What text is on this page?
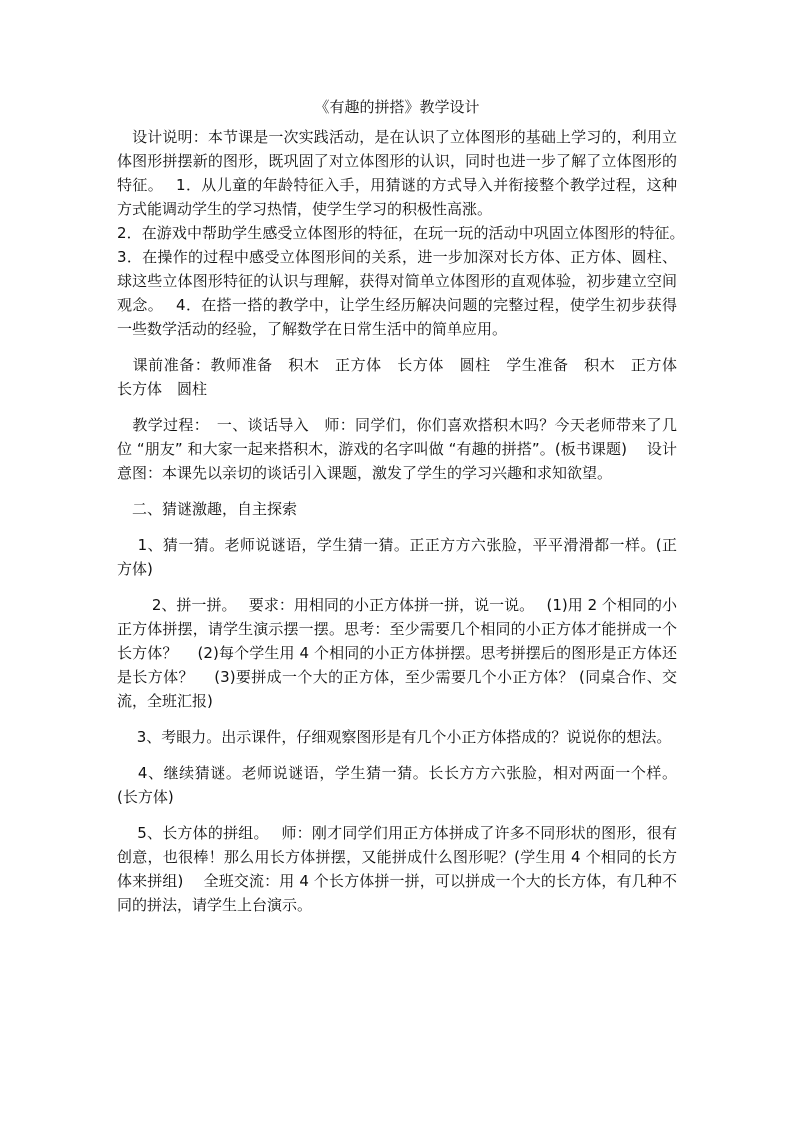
《有趣的拼搭》教学设计

　设计说明：本节课是一次实践活动，是在认识了立体图形的基础上学习的，利用立体图形拼摆新的图形，既巩固了对立体图形的认识，同时也进一步了解了立体图形的特征。　 1．从儿童的年龄特征入手，用猜谜的方式导入并衔接整个教学过程，这种方式能调动学生的学习热情，使学生学习的积极性高涨。

2．在游戏中帮助学生感受立体图形的特征，在玩一玩的活动中巩固立体图形的特征。　 3．在操作的过程中感受立体图形间的关系，进一步加深对长方体、正方体、圆柱、球这些立体图形特征的认识与理解，获得对简单立体图形的直观体验，初步建立空间观念。　 4．在搭一搭的教学中，让学生经历解决问题的完整过程，使学生初步获得一些数学活动的经验，了解数学在日常生活中的简单应用。

　课前准备：教师准备　积木　正方体　长方体　圆柱　学生准备　积木　正方体　长方体　圆柱

　教学过程：　一、谈话导入　师：同学们，你们喜欢搭积木吗？今天老师带来了几位 “朋友” 和大家一起来搭积木，游戏的名字叫做 “有趣的拼搭”。(板书课题)　 设计意图：本课先以亲切的谈话引入课题，激发了学生的学习兴趣和求知欲望。

　二、猜谜激趣，自主探索

　 1、猜一猜。老师说谜语，学生猜一猜。正正方方六张脸，平平滑滑都一样。(正方体)

　　 2、拼一拼。　 要求：用相同的小正方体拼一拼，说一说。　 (1)用 2 个相同的小正方体拼摆，请学生演示摆一摆。思考：至少需要几个相同的小正方体才能拼成一个长方体？　 (2)每个学生用 4 个相同的小正方体拼摆。思考拼摆后的图形是正方体还是长方体？　 (3)要拼成一个大的正方体，至少需要几个小正方体？ (同桌合作、交流，全班汇报)

　 3、考眼力。出示课件，仔细观察图形是有几个小正方体搭成的？说说你的想法。

　 4、继续猜谜。老师说谜语，学生猜一猜。长长方方六张脸，相对两面一个样。(长方体)

　 5、长方体的拼组。　 师：刚才同学们用正方体拼成了许多不同形状的图形，很有创意，也很棒！那么用长方体拼摆，又能拼成什么图形呢？(学生用 4 个相同的长方体来拼组)　 全班交流：用 4 个长方体拼一拼，可以拼成一个大的长方体，有几种不同的拼法，请学生上台演示。
